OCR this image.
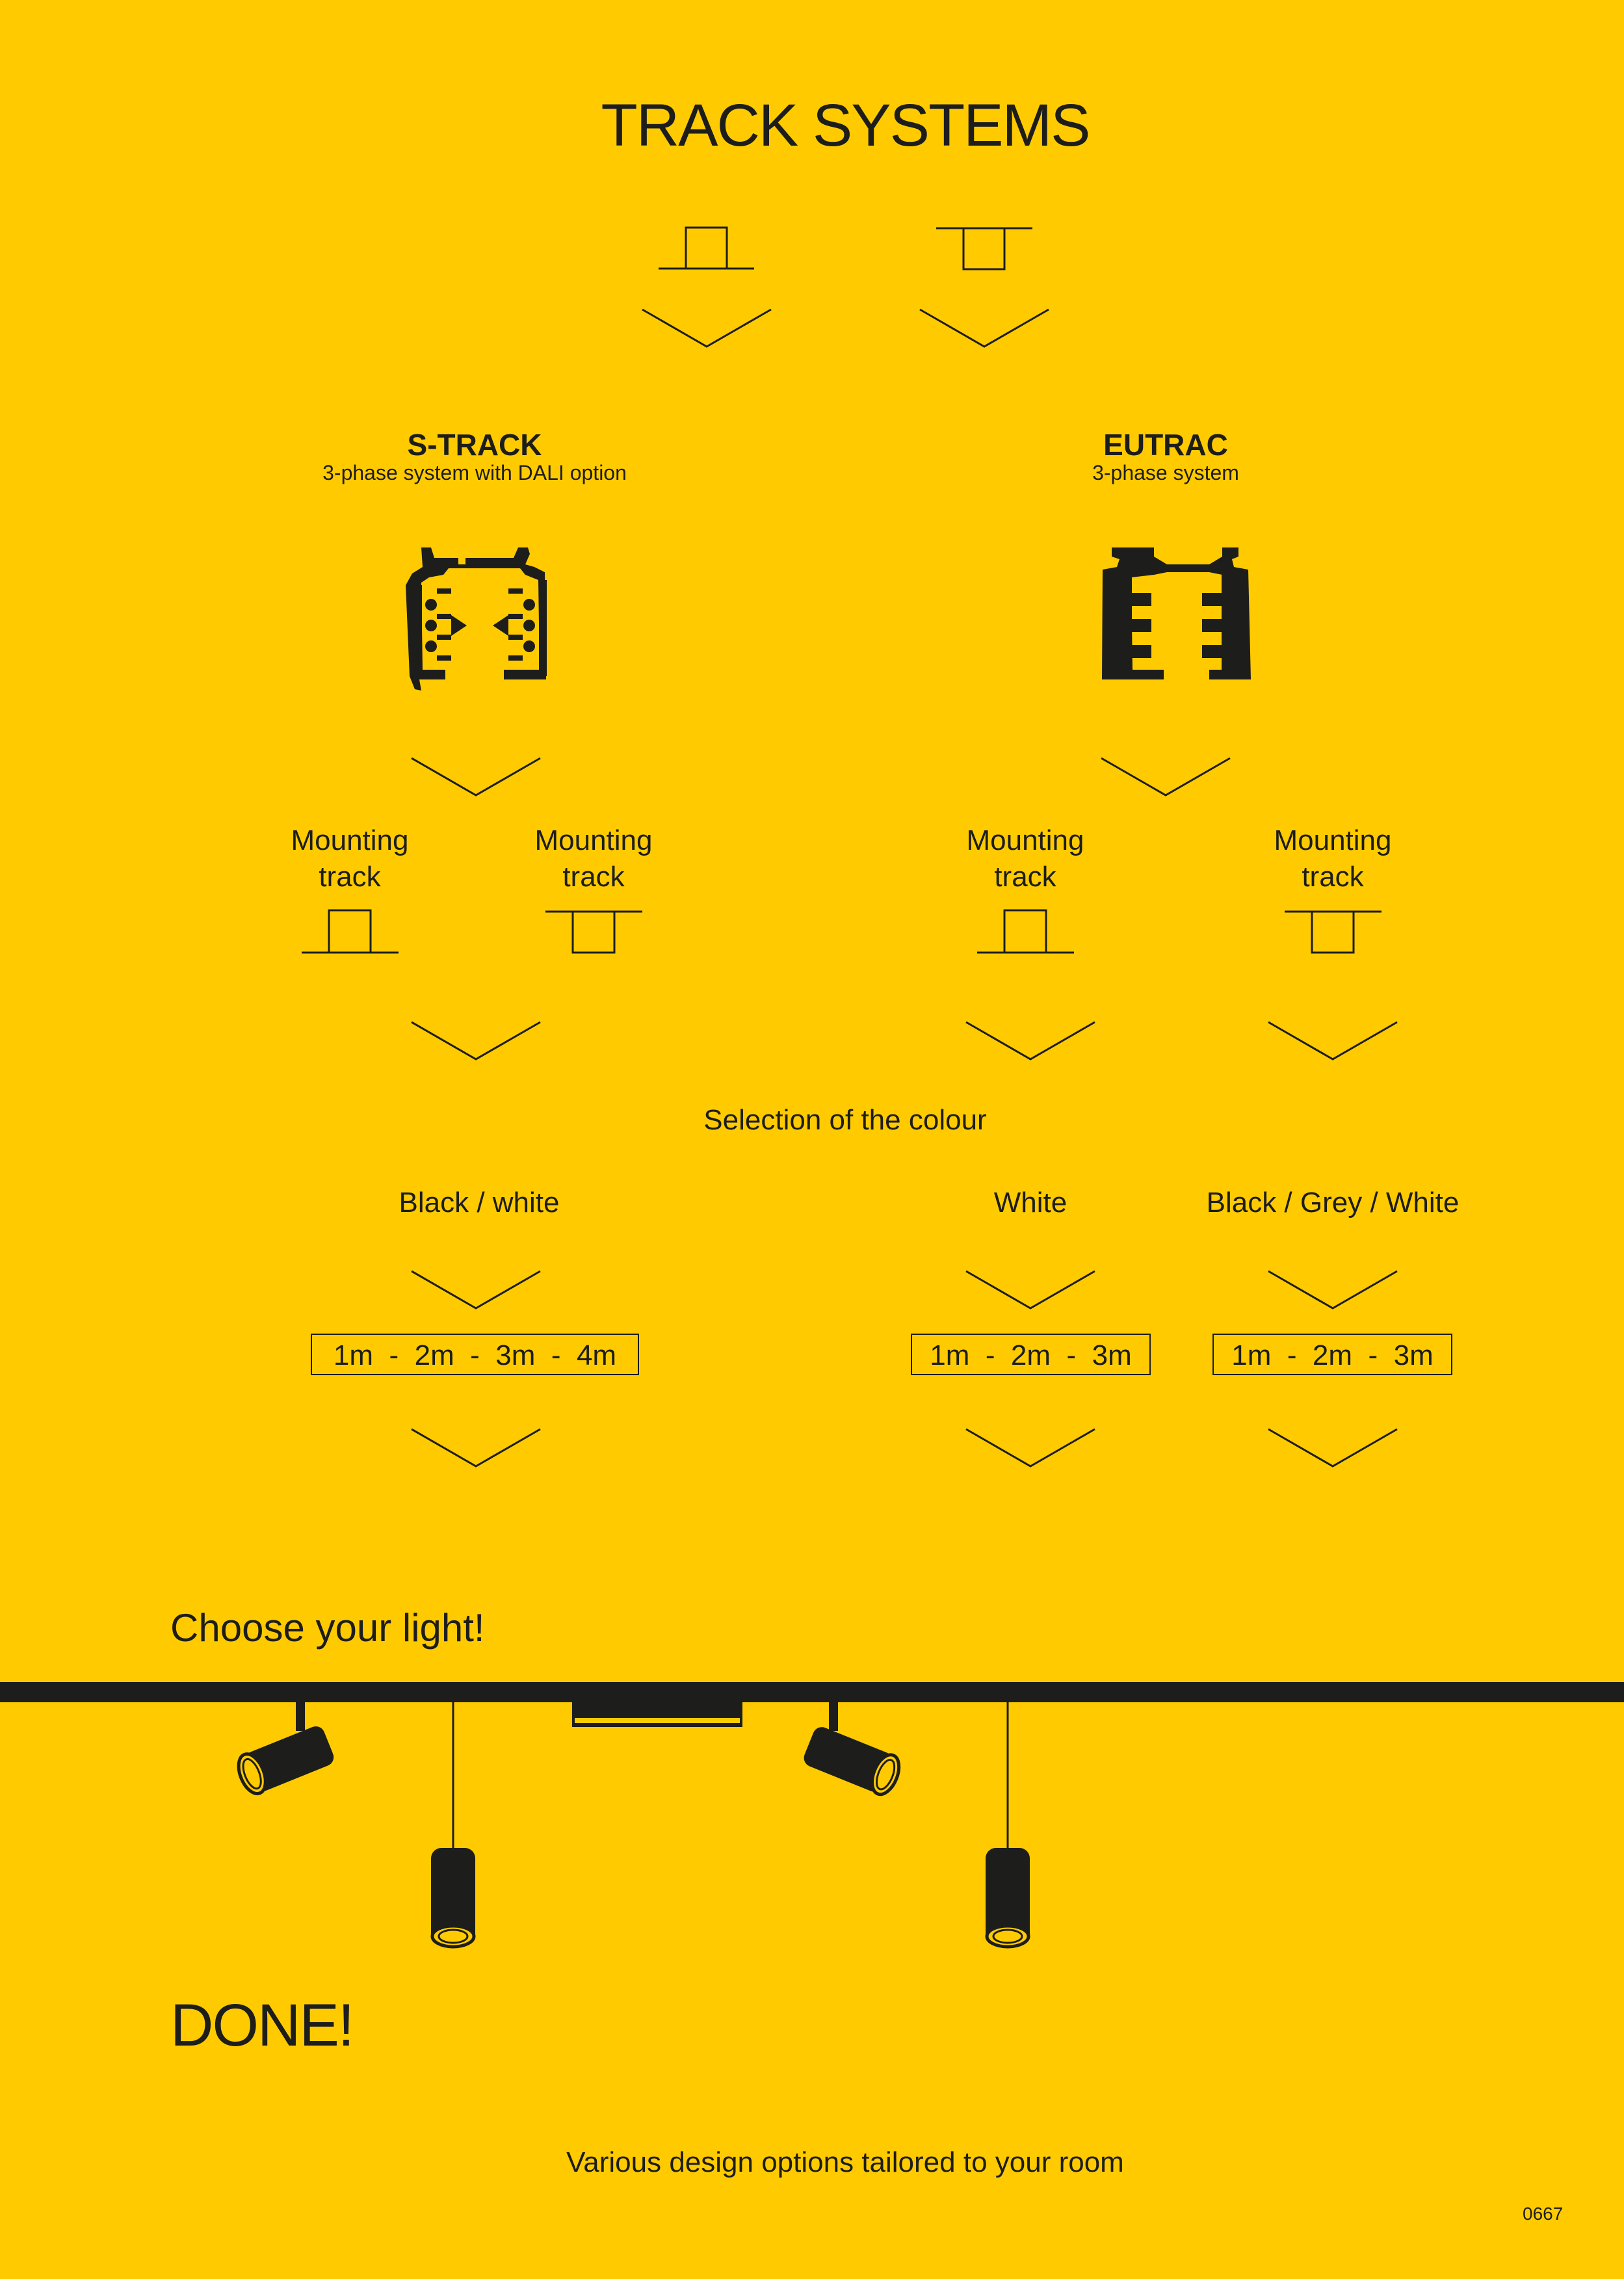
TRACK SYSTEMS
S-TRACK
3-phase system with DALI option
EUTRAC
3-phase system
Mounting
track
Mounting
track
Mounting
track
Mounting
track
Selection of the colour
Black / white	White	Black / Grey / White
1m  -  2m  -  3m  -  4m	1m  -  2m  -  3m	1m  -  2m  -  3m
Choose your light!
DONE!
Various design options tailored to your room
0667
